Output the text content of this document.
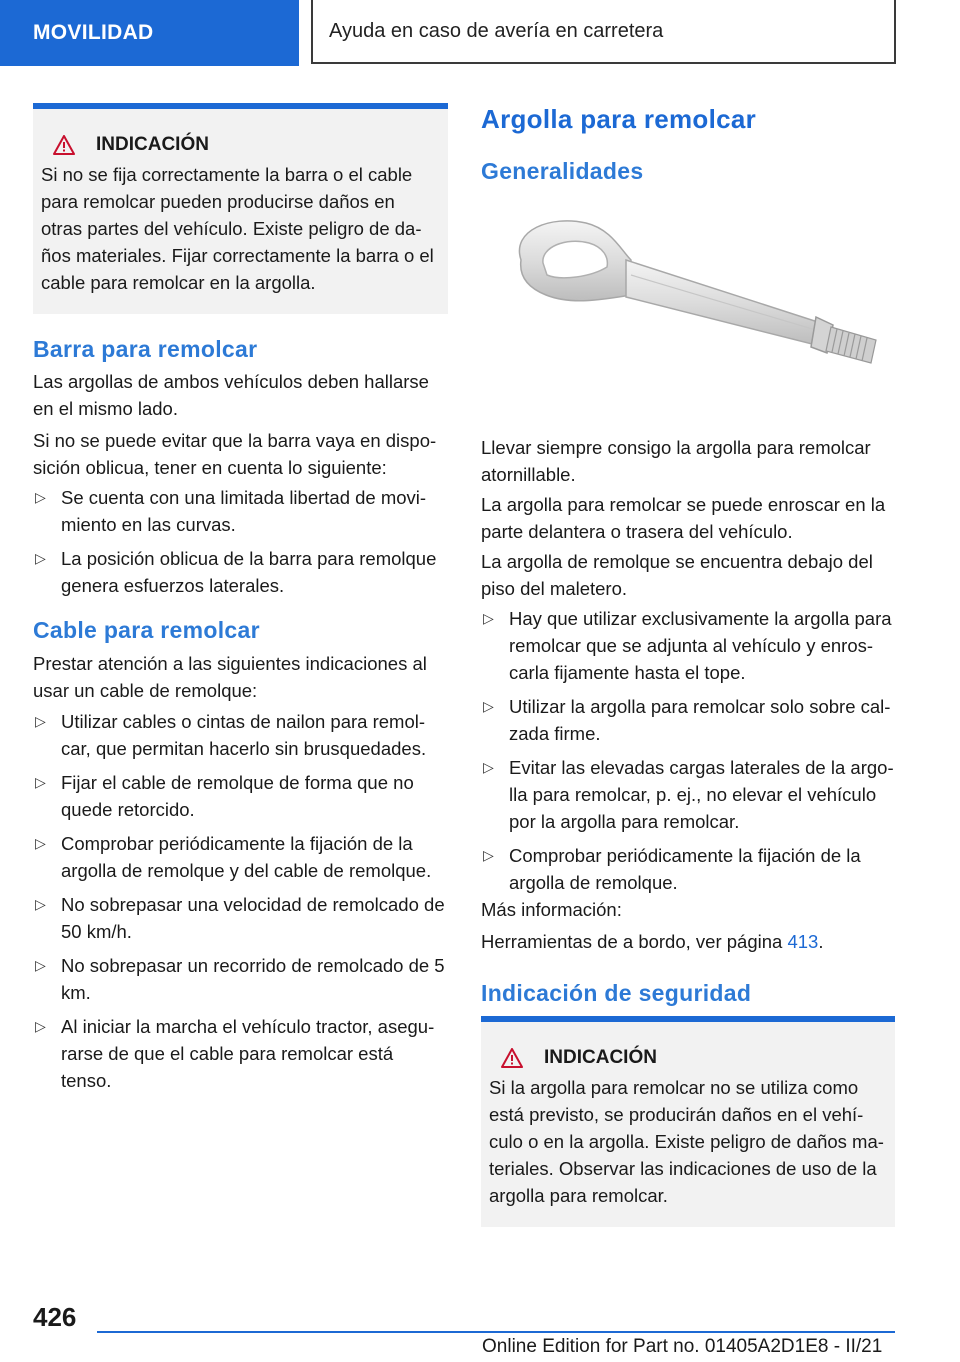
MOVILIDAD	Ayuda en caso de avería en carretera
INDICACIÓN
Si no se fija correctamente la barra o el cable para remolcar pueden producirse daños en otras partes del vehículo. Existe peligro de daños materiales. Fijar correctamente la barra o el cable para remolcar en la argolla.
Barra para remolcar

Las argollas de ambos vehículos deben hallarse en el mismo lado.

Si no se puede evitar que la barra vaya en disposición oblicua, tener en cuenta lo siguiente:

▷ Se cuenta con una limitada libertad de movimiento en las curvas.
▷ La posición oblicua de la barra para remolque genera esfuerzos laterales.
Cable para remolcar

Prestar atención a las siguientes indicaciones al usar un cable de remolque:

▷ Utilizar cables o cintas de nailon para remolcar, que permitan hacerlo sin brusquedades.
▷ Fijar el cable de remolque de forma que no quede retorcido.
▷ Comprobar periódicamente la fijación de la argolla de remolque y del cable de remolque.
▷ No sobrepasar una velocidad de remolcado de 50 km/h.
▷ No sobrepasar un recorrido de remolcado de 5 km.
▷ Al iniciar la marcha el vehículo tractor, asegurarse de que el cable para remolcar está tenso.
Argolla para remolcar
Generalidades

Llevar siempre consigo la argolla para remolcar atornillable.

La argolla para remolcar se puede enroscar en la parte delantera o trasera del vehículo.

La argolla de remolque se encuentra debajo del piso del maletero.

▷ Hay que utilizar exclusivamente la argolla para remolcar que se adjunta al vehículo y enroscarla fijamente hasta el tope.
▷ Utilizar la argolla para remolcar solo sobre calzada firme.
▷ Evitar las elevadas cargas laterales de la argolla para remolcar, p. ej., no elevar el vehículo por la argolla para remolcar.
▷ Comprobar periódicamente la fijación de la argolla de remolque.

Más información:

Herramientas de a bordo, ver página 413.

Indicación de seguridad
INDICACIÓN
Si la argolla para remolcar no se utiliza como está previsto, se producirán daños en el vehículo o en la argolla. Existe peligro de daños materiales. Observar las indicaciones de uso de la argolla para remolcar.
426
Online Edition for Part no. 01405A2D1E8 - II/21
